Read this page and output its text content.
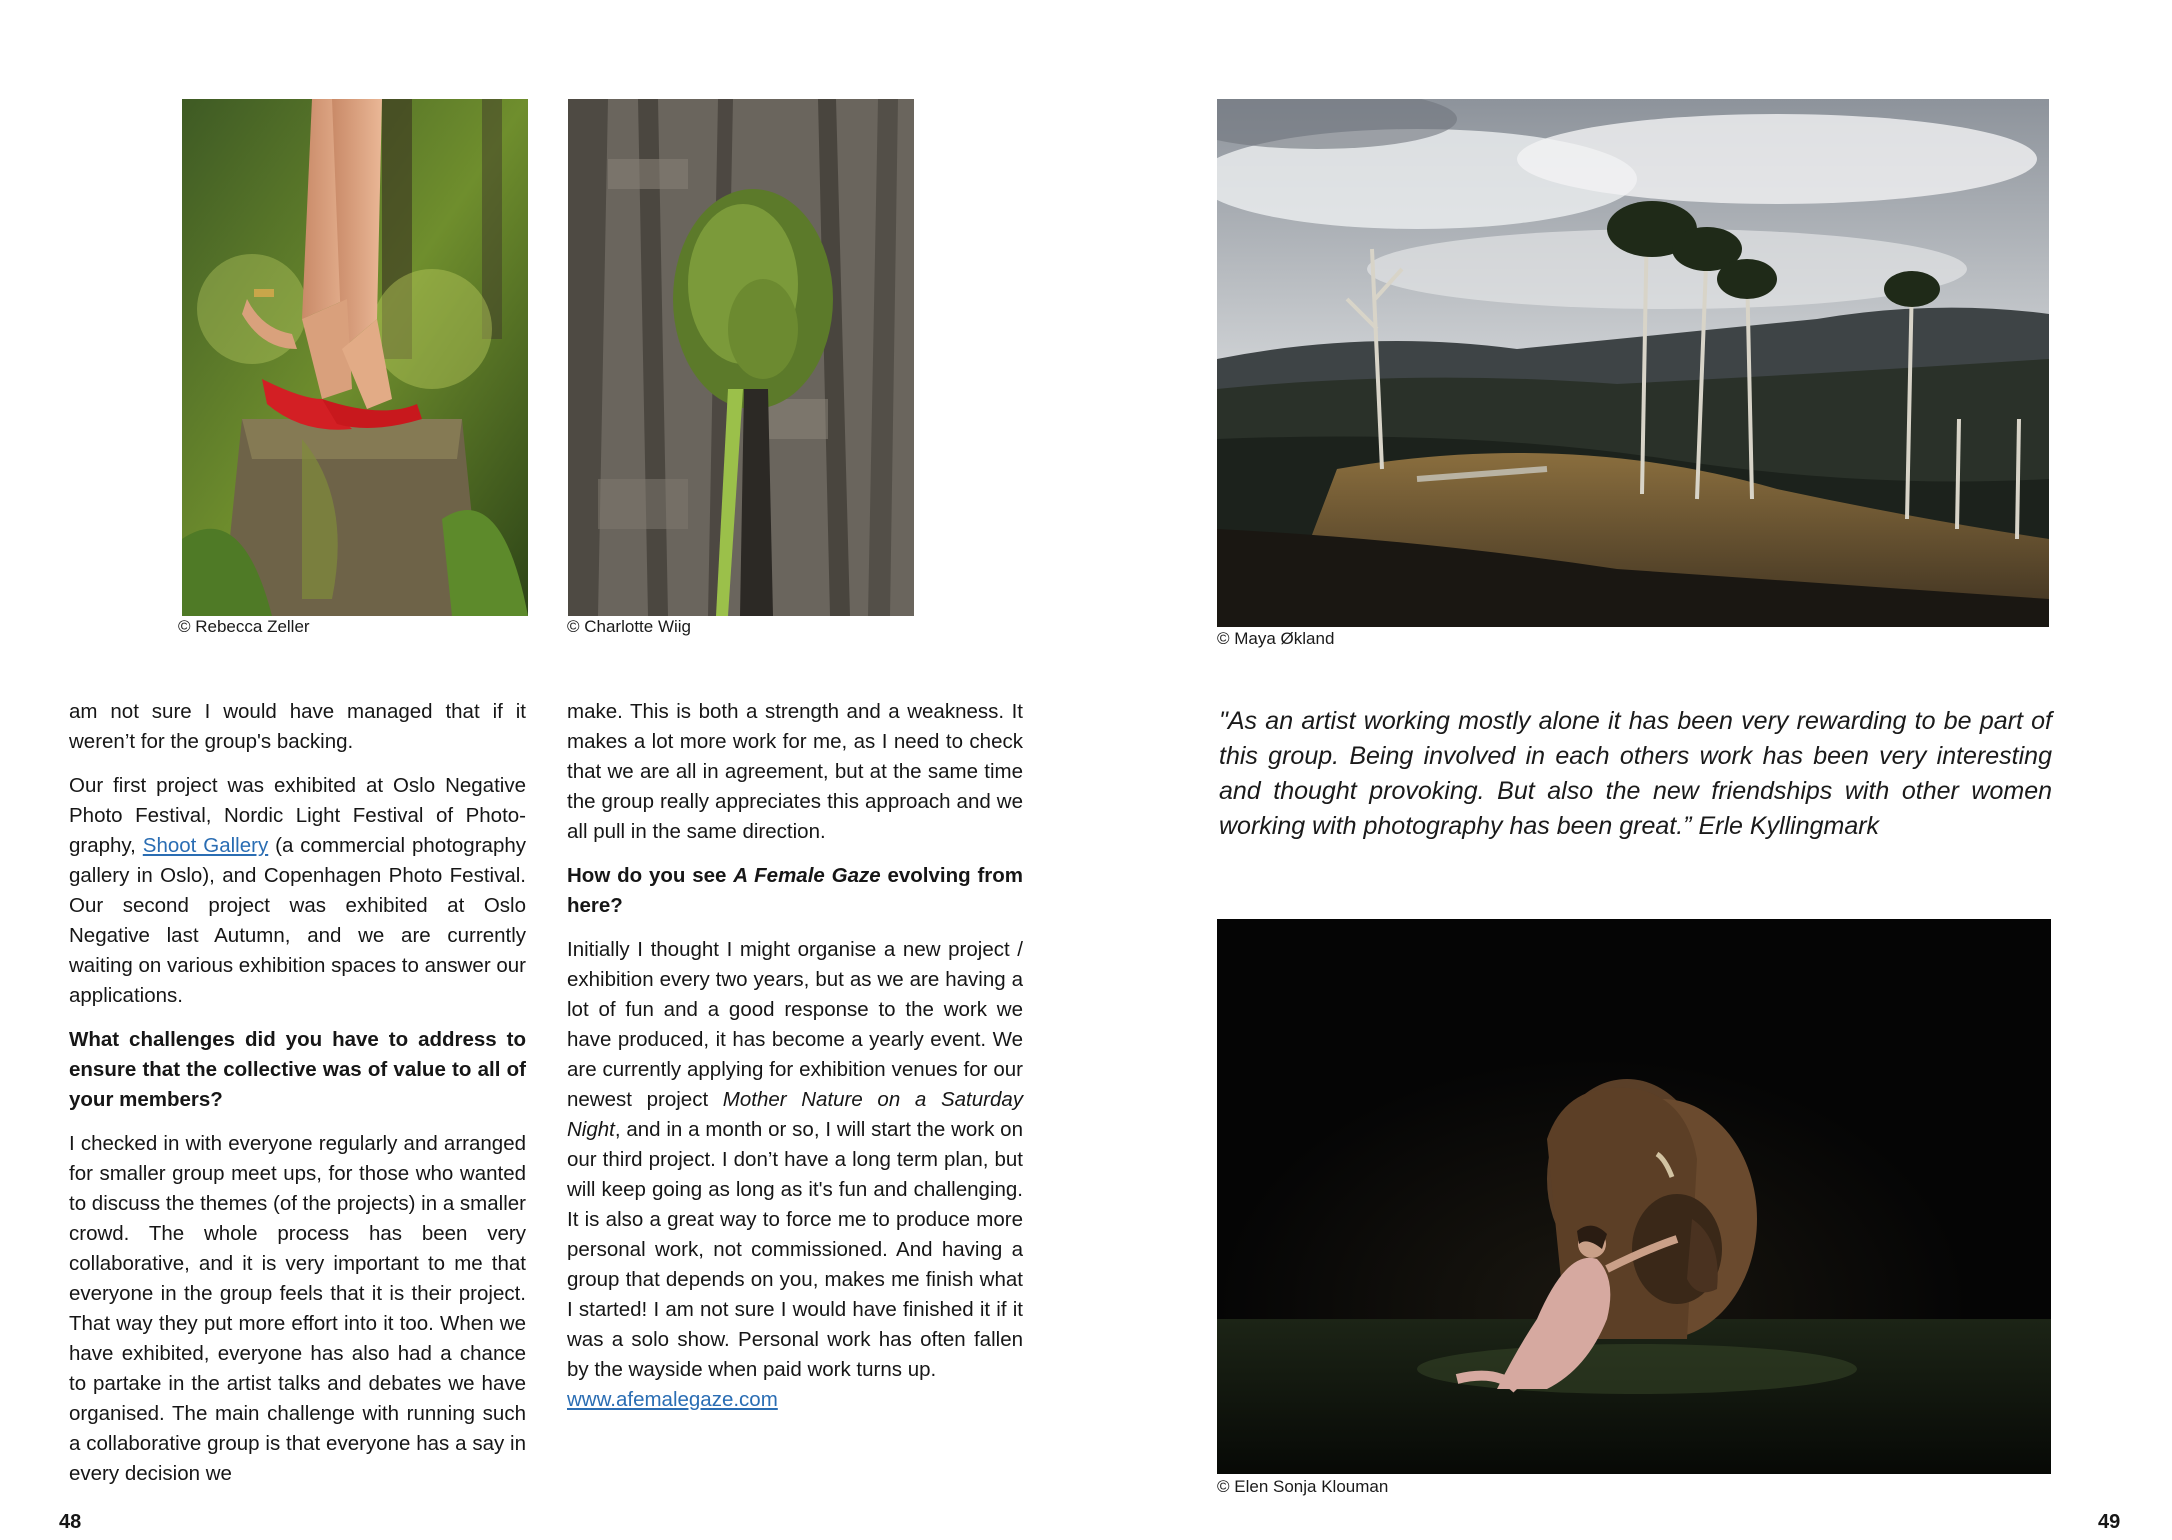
© Rebecca Zeller	© Charlotte Wiig

am not sure I would have managed that if it weren’t for the group's backing.

Our first project was exhibited at Oslo Negative Photo Festival, Nordic Light Festival of Photography, Shoot Gallery (a commercial photography gallery in Oslo), and Copenhagen Photo Festival. Our second project was exhibited at Oslo Negative last Autumn, and we are currently waiting on various exhibition spaces to answer our applications.

What challenges did you have to address to ensure that the collective was of value to all of your members?

I checked in with everyone regularly and arranged for smaller group meet ups, for those who wanted to discuss the themes (of the projects) in a smaller crowd. The whole process has been very collaborative, and it is very important to me that everyone in the group feels that it is their project. That way they put more effort into it too. When we have exhibited, everyone has also had a chance to partake in the artist talks and debates we have organised. The main challenge with running such a collaborative group is that everyone has a say in every decision we

make. This is both a strength and a weakness. It makes a lot more work for me, as I need to check that we are all in agreement, but at the same time the group really appreciates this approach and we all pull in the same direction.

How do you see A Female Gaze evolving from here?

Initially I thought I might organise a new project / exhibition every two years, but as we are having a lot of fun and a good response to the work we have produced, it has become a yearly event. We are currently applying for exhibition venues for our newest project Mother Nature on a Saturday Night, and in a month or so, I will start the work on our third project. I don’t have a long term plan, but will keep going as long as it's fun and challenging. It is also a great way to force me to produce more personal work, not commissioned. And having a group that depends on you, makes me finish what I started! I am not sure I would have finished it if it was a solo show. Personal work has often fallen by the wayside when paid work turns up.

www.afemalegaze.com
48
© Maya Økland
"As an artist working mostly alone it has been very rewarding to be part of this group. Being involved in each others work has been very interesting and thought provoking. But also the new friendships with other women working with photography has been great.” Erle Kyllingmark
© Elen Sonja Klouman
49
